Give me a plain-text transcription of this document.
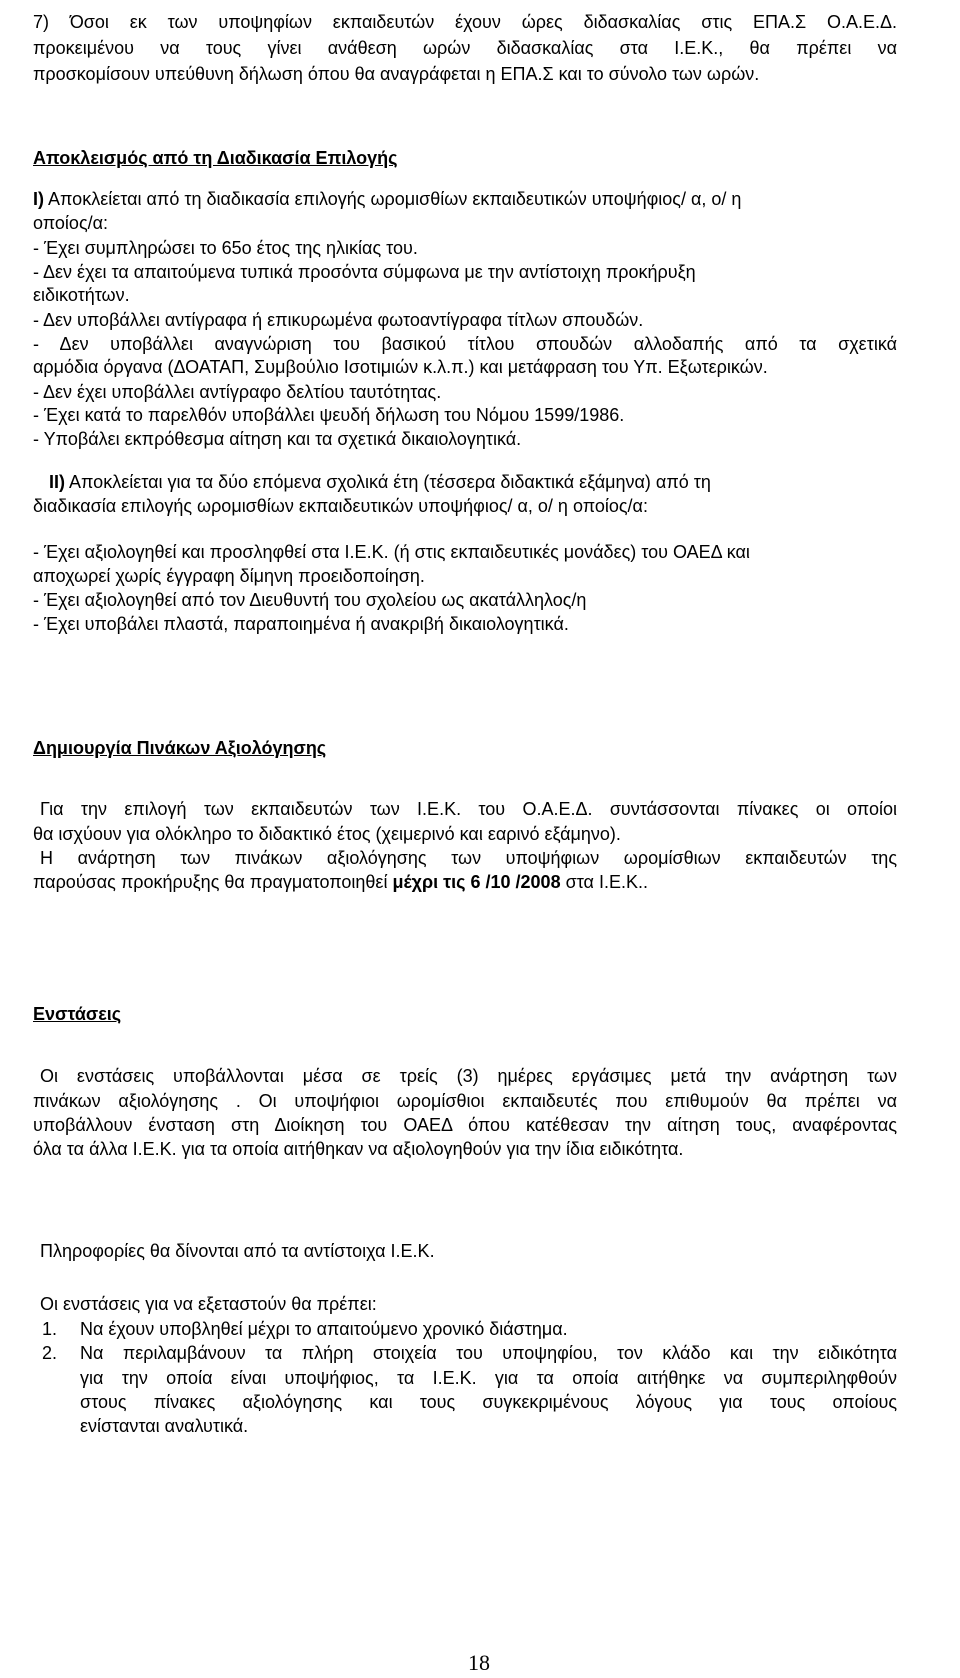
7) Όσοι εκ των υποψηφίων εκπαιδευτών έχουν ώρες διδασκαλίας στις ΕΠΑ.Σ Ο.Α.Ε.Δ.
προκειμένου να τους γίνει ανάθεση ωρών διδασκαλίας στα Ι.Ε.Κ., θα πρέπει να
προσκομίσουν υπεύθυνη δήλωση όπου θα αναγράφεται η ΕΠΑ.Σ και το σύνολο των ωρών.
Αποκλεισμός από τη Διαδικασία Επιλογής
Ι) Αποκλείεται από τη διαδικασία επιλογής ωρομισθίων εκπαιδευτικών υποψήφιος/ α, ο/ η
οποίος/α:
- Έχει συμπληρώσει το 65ο έτος της ηλικίας του.
- Δεν έχει τα απαιτούμενα τυπικά προσόντα σύμφωνα με την αντίστοιχη προκήρυξη
ειδικοτήτων.
- Δεν υποβάλλει αντίγραφα ή επικυρωμένα φωτοαντίγραφα τίτλων σπουδών.
- Δεν υποβάλλει αναγνώριση του βασικού τίτλου σπουδών αλλοδαπής από τα σχετικά
αρμόδια όργανα (ΔΟΑΤΑΠ, Συμβούλιο Ισοτιμιών κ.λ.π.) και μετάφραση του Υπ. Εξωτερικών.
- Δεν έχει υποβάλλει αντίγραφο δελτίου ταυτότητας.
- Έχει κατά το παρελθόν υποβάλλει ψευδή δήλωση του Νόμου 1599/1986.
- Υποβάλει εκπρόθεσμα αίτηση και τα σχετικά δικαιολογητικά.
ΙΙ) Αποκλείεται για τα δύο επόμενα σχολικά έτη (τέσσερα διδακτικά εξάμηνα) από τη
διαδικασία επιλογής ωρομισθίων εκπαιδευτικών υποψήφιος/ α, ο/ η οποίος/α:
- Έχει αξιολογηθεί και προσληφθεί στα Ι.Ε.Κ. (ή στις εκπαιδευτικές μονάδες) του ΟΑΕΔ και
αποχωρεί χωρίς έγγραφη δίμηνη προειδοποίηση.
- Έχει αξιολογηθεί από τον Διευθυντή του σχολείου ως ακατάλληλος/η
- Έχει υποβάλει πλαστά, παραποιημένα ή ανακριβή δικαιολογητικά.
Δημιουργία Πινάκων Αξιολόγησης
Για την επιλογή των εκπαιδευτών των Ι.Ε.Κ. του Ο.Α.Ε.Δ. συντάσσονται πίνακες οι οποίοι
θα ισχύουν για ολόκληρο το διδακτικό έτος (χειμερινό και εαρινό εξάμηνο).
Η ανάρτηση των πινάκων αξιολόγησης των υποψήφιων ωρομίσθιων εκπαιδευτών της
παρούσας προκήρυξης θα πραγματοποιηθεί μέχρι τις 6 /10 /2008 στα Ι.Ε.Κ..
Ενστάσεις
Οι ενστάσεις υποβάλλονται μέσα σε τρείς (3) ημέρες εργάσιμες μετά την ανάρτηση των
πινάκων αξιολόγησης . Οι υποψήφιοι ωρομίσθιοι εκπαιδευτές που επιθυμούν θα πρέπει να
υποβάλλουν ένσταση στη Διοίκηση του ΟΑΕΔ όπου κατέθεσαν την αίτηση τους, αναφέροντας
όλα τα άλλα Ι.Ε.Κ. για τα οποία αιτήθηκαν να αξιολογηθούν για την ίδια ειδικότητα.
Πληροφορίες θα δίνονται από τα αντίστοιχα Ι.Ε.Κ.
Οι ενστάσεις για να εξεταστούν θα πρέπει:
1. Να έχουν υποβληθεί μέχρι το απαιτούμενο χρονικό διάστημα.
2. Να περιλαμβάνουν τα πλήρη στοιχεία του υποψηφίου, τον κλάδο και την ειδικότητα
για την οποία είναι υποψήφιος, τα Ι.Ε.Κ. για τα οποία αιτήθηκε να συμπεριληφθούν
στους πίνακες αξιολόγησης και τους συγκεκριμένους λόγους για τους οποίους
ενίστανται αναλυτικά.
18
